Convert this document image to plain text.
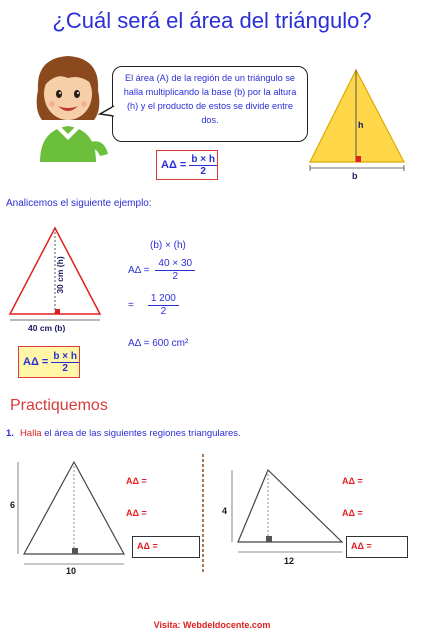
¿Cuál será el área del triángulo?
El área (A) de la región de un triángulo se halla multiplicando la base (b) por la altura (h) y el producto de estos se divide entre dos.
$A\Delta = \frac{b \times h}{2}$
h
b
Analicemos el siguiente ejemplo:
30 cm (h)
40 cm (b)
$A\Delta = \frac{b \times h}{2}$
(b) × (h)
$A\Delta = \frac{40 \times 30}{2}$
= $\frac{1 200}{2}$
AΔ = 600 cm²
Practiquemos
1. Halla el área de las siguientes regiones triangulares.
6
10
AΔ =
AΔ =
AΔ =
4
12
AΔ =
AΔ =
AΔ =
Visita: Webdeldocente.com
